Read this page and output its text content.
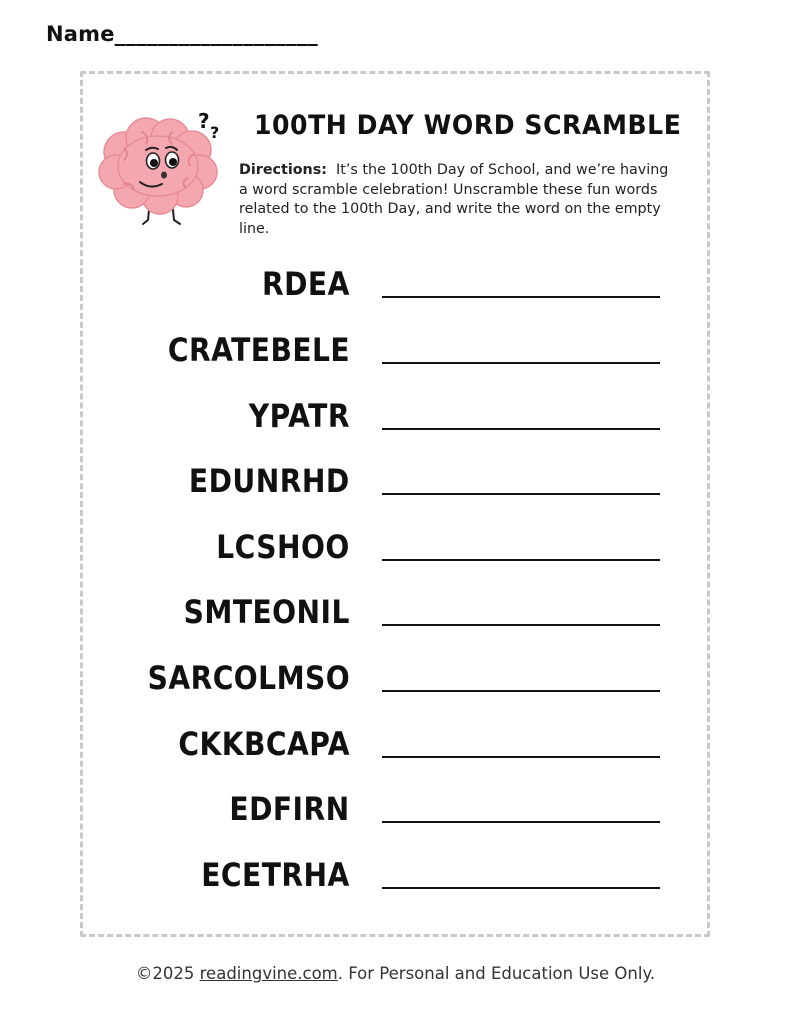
Name___________________
? ? 100TH DAY WORD SCRAMBLE
Directions: It’s the 100th Day of School, and we’re having a word scramble celebration! Unscramble these fun words related to the 100th Day, and write the word on the empty line.
RDEA
CRATEBELE
YPATR
EDUNRHD
LCSHOO
SMTEONIL
SARCOLMSO
CKKBCAPA
EDFIRN
ECETRHA
©2025 readingvine.com. For Personal and Education Use Only.
